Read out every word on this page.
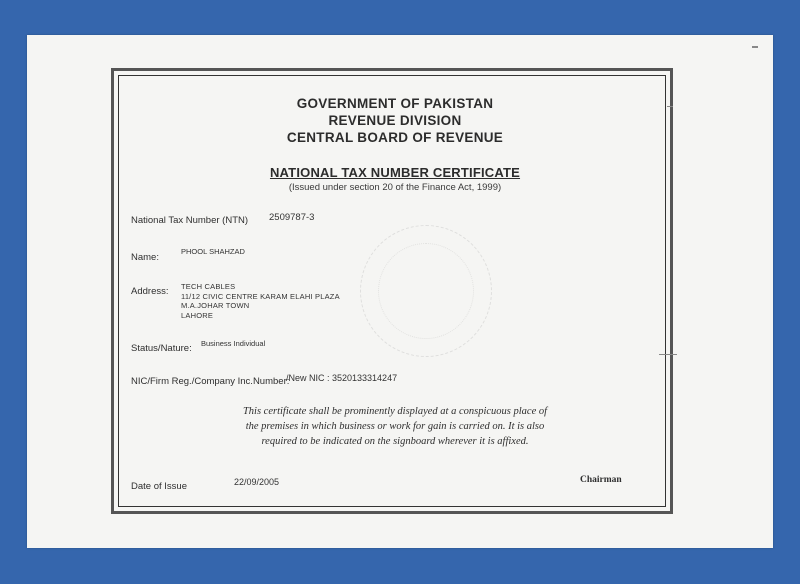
GOVERNMENT OF PAKISTAN
REVENUE DIVISION
CENTRAL BOARD OF REVENUE
NATIONAL TAX NUMBER CERTIFICATE
(Issued under section 20 of the Finance Act, 1999)
National Tax Number (NTN) 2509787-3
Name:
PHOOL SHAHZAD
Address: TECH CABLES
11/12 CIVIC CENTRE KARAM ELAHI PLAZA
M.A.JOHAR TOWN
LAHORE
Status/Nature: Business Individual
NIC/Firm Reg./Company Inc.Number:
/New NIC : 3520133314247
This certificate shall be prominently displayed at a conspicuous place of
the premises in which business or work for gain is carried on. It is also
required to be indicated on the signboard wherever it is affixed.
Date of Issue	22/09/2005	Chairman
